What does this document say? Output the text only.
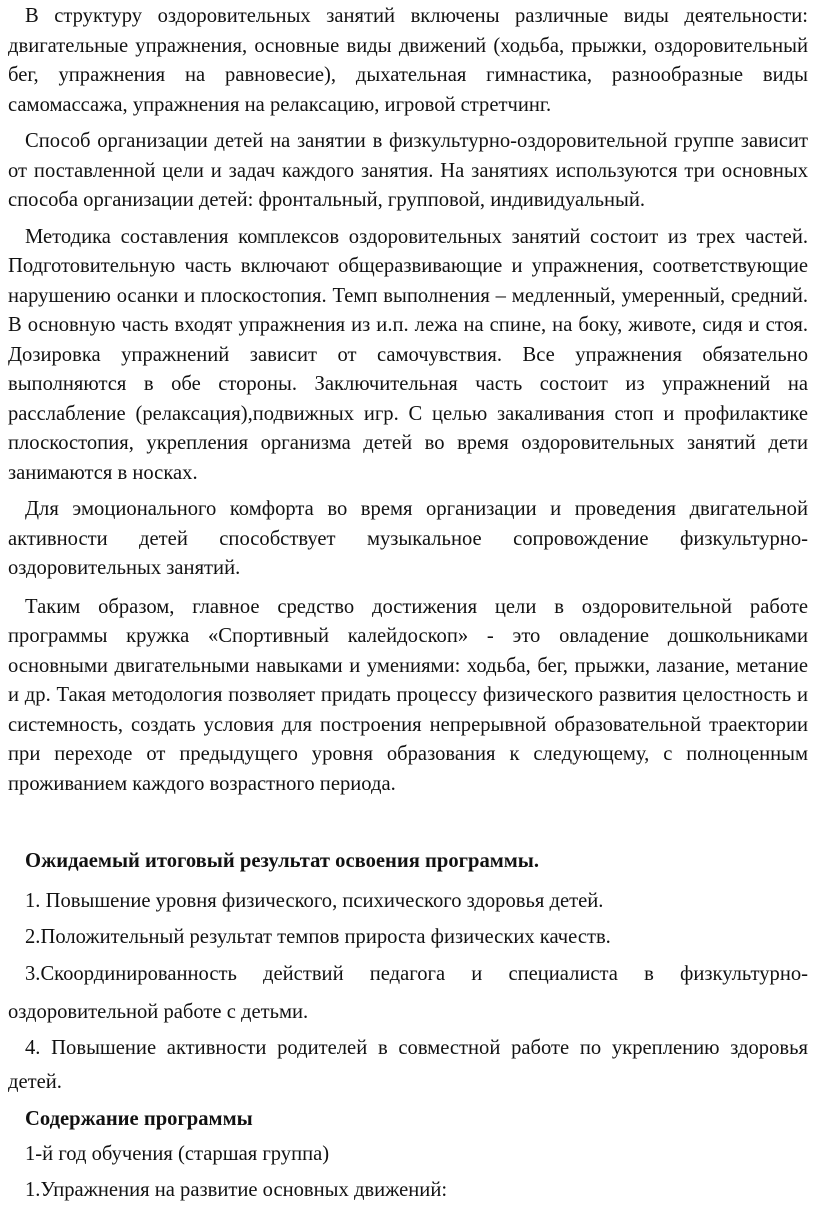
В структуру оздоровительных занятий включены различные виды деятельности: двигательные упражнения, основные виды движений (ходьба, прыжки, оздоровительный бег, упражнения на равновесие), дыхательная гимнастика, разнообразные виды самомассажа, упражнения на релаксацию, игровой стретчинг.

Способ организации детей на занятии в физкультурно-оздоровительной группе зависит от поставленной цели и задач каждого занятия. На занятиях используются три основных способа организации детей: фронтальный, групповой, индивидуальный.

Методика составления комплексов оздоровительных занятий состоит из трех частей. Подготовительную часть включают общеразвивающие и упражнения, соответствующие нарушению осанки и плоскостопия. Темп выполнения – медленный, умеренный, средний. В основную часть входят упражнения из и.п. лежа на спине, на боку, животе, сидя и стоя. Дозировка упражнений зависит от самочувствия. Все упражнения обязательно выполняются в обе стороны. Заключительная часть состоит из упражнений на расслабление (релаксация),подвижных игр. С целью закаливания стоп и профилактике плоскостопия, укрепления организма детей во время оздоровительных занятий дети занимаются в носках.

Для эмоционального комфорта во время организации и проведения двигательной активности детей способствует музыкальное сопровождение физкультурно-оздоровительных занятий.

Таким образом, главное средство достижения цели в оздоровительной работе программы кружка «Спортивный калейдоскоп» - это овладение дошкольниками основными двигательными навыками и умениями: ходьба, бег, прыжки, лазание, метание и др. Такая методология позволяет придать процессу физического развития целостность и системность, создать условия для построения непрерывной образовательной траектории при переходе от предыдущего уровня образования к следующему, с полноценным проживанием каждого возрастного периода.

Ожидаемый итоговый результат освоения программы.

1. Повышение уровня физического, психического здоровья детей.

2.Положительный результат темпов прироста физических качеств.

3.Скоординированность действий педагога и специалиста в физкультурно-оздоровительной работе с детьми.

4. Повышение активности родителей в совместной работе по укреплению здоровья детей.

Содержание программы

1-й год обучения (старшая группа)

1.Упражнения на развитие основных движений:
